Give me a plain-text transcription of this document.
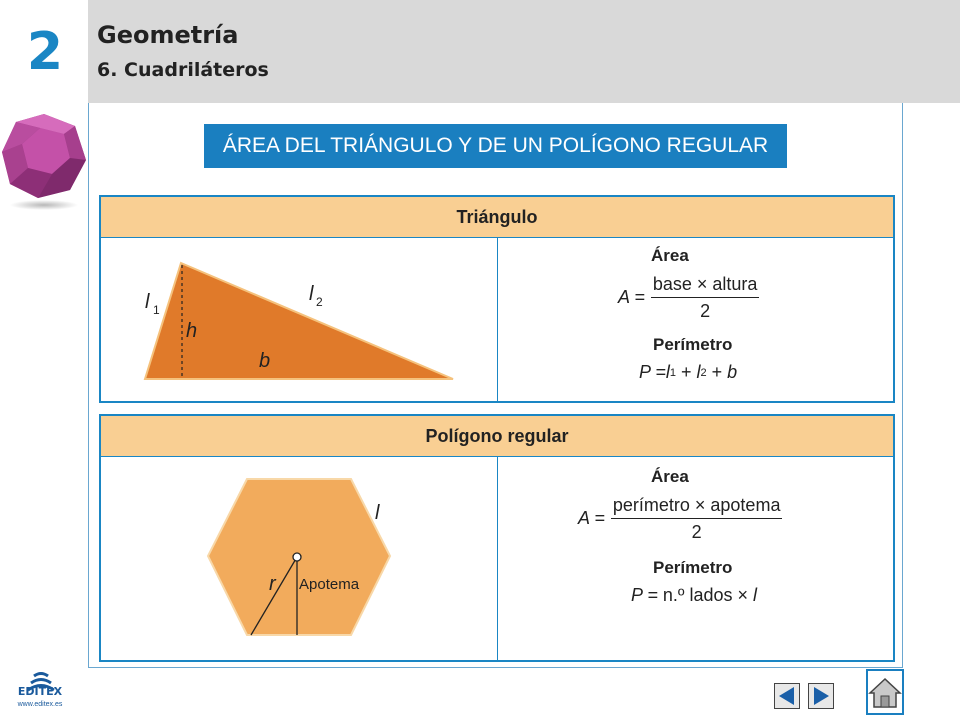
2 Geometría
6. Cuadriláteros
ÁREA DEL TRIÁNGULO Y DE UN POLÍGONO REGULAR
Triángulo
l 1
l 2
h
b
Área
$A = \frac{\text{base × altura}}{2}$
Perímetro
P = l 1 + l 2 + b
Polígono regular
l
r Apotema
Área
$A = \frac{\text{perímetro × apotema}}{2}$
Perímetro
P = n.º lados × l
EDITEX
www.editex.es
